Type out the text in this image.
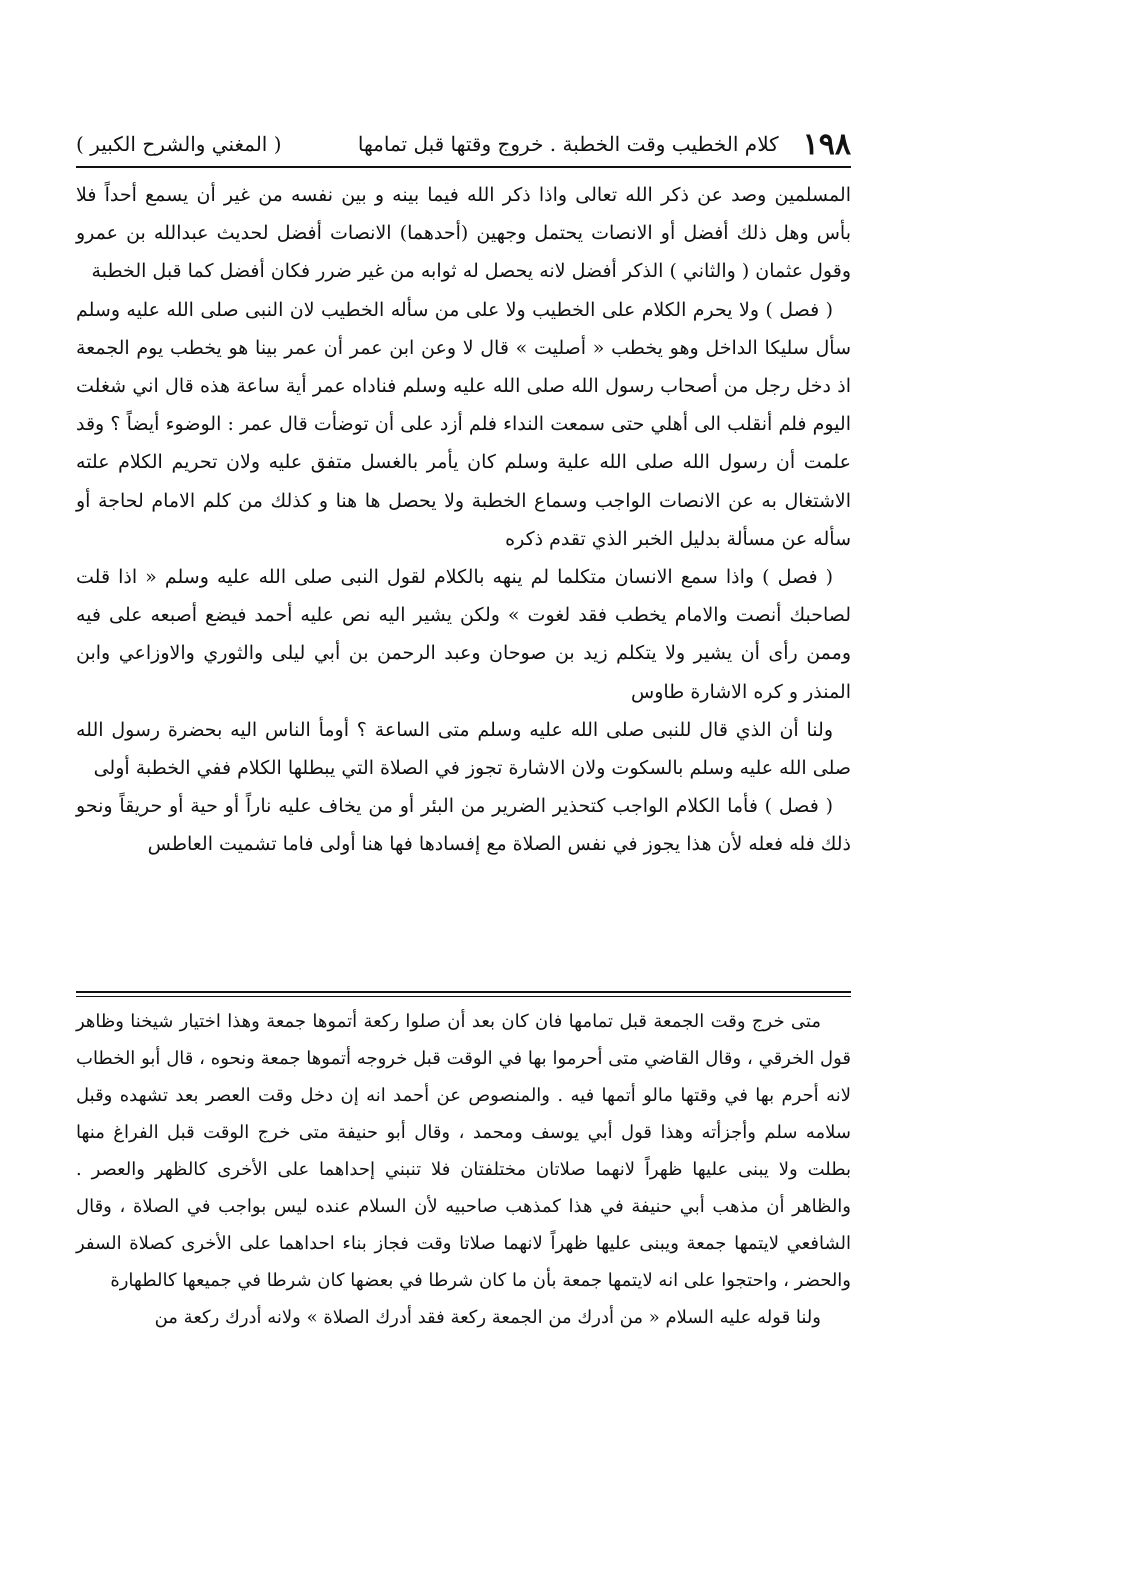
١٩٨
كلام الخطيب وقت الخطبة . خروج وقتها قبل تمامها
( المغني والشرح الكبير )

المسلمين وصد عن ذكر الله تعالى واذا ذكر الله فيما بينه و بين نفسه من غير أن يسمع أحداً فلا بأس وهل ذلك أفضل أو الانصات يحتمل وجهين (أحدهما) الانصات أفضل لحديث عبدالله بن عمرو وقول عثمان ( والثاني ) الذكر أفضل لانه يحصل له ثوابه من غير ضرر فكان أفضل كما قبل الخطبة

( فصل ) ولا يحرم الكلام على الخطيب ولا على من سأله الخطيب لان النبى صلى الله عليه وسلم سأل سليكا الداخل وهو يخطب « أصليت » قال لا وعن ابن عمر أن عمر بينا هو يخطب يوم الجمعة اذ دخل رجل من أصحاب رسول الله صلى الله عليه وسلم فناداه عمر أية ساعة هذه قال اني شغلت اليوم فلم أنقلب الى أهلي حتى سمعت النداء فلم أزد على أن توضأت قال عمر : الوضوء أيضاً ؟ وقد علمت أن رسول الله صلى الله علية وسلم كان يأمر بالغسل متفق عليه ولان تحريم الكلام علته الاشتغال به عن الانصات الواجب وسماع الخطبة ولا يحصل ها هنا و كذلك من كلم الامام لحاجة أو سأله عن مسألة بدليل الخبر الذي تقدم ذكره

( فصل ) واذا سمع الانسان متكلما لم ينهه بالكلام لقول النبى صلى الله عليه وسلم « اذا قلت لصاحبك أنصت والامام يخطب فقد لغوت » ولكن يشير اليه نص عليه أحمد فيضع أصبعه على فيه وممن رأى أن يشير ولا يتكلم زيد بن صوحان وعبد الرحمن بن أبي ليلى والثوري والاوزاعي وابن المنذر و كره الاشارة طاوس

ولنا أن الذي قال للنبى صلى الله عليه وسلم متى الساعة ؟ أومأ الناس اليه بحضرة رسول الله صلى الله عليه وسلم بالسكوت ولان الاشارة تجوز في الصلاة التي يبطلها الكلام ففي الخطبة أولى

( فصل ) فأما الكلام الواجب كتحذير الضرير من البئر أو من يخاف عليه ناراً أو حية أو حريقاً ونحو ذلك فله فعله لأن هذا يجوز في نفس الصلاة مع إفسادها فها هنا أولى فاما تشميت العاطس

متى خرج وقت الجمعة قبل تمامها فان كان بعد أن صلوا ركعة أتموها جمعة وهذا اختيار شيخنا وظاهر قول الخرقي ، وقال القاضي متى أحرموا بها في الوقت قبل خروجه أتموها جمعة ونحوه ، قال أبو الخطاب لانه أحرم بها في وقتها مالو أتمها فيه . والمنصوص عن أحمد انه إن دخل وقت العصر بعد تشهده وقبل سلامه سلم وأجزأته وهذا قول أبي يوسف ومحمد ، وقال أبو حنيفة متى خرج الوقت قبل الفراغ منها بطلت ولا يبنى عليها ظهراً لانهما صلاتان مختلفتان فلا تنبني إحداهما على الأخرى كالظهر والعصر . والظاهر أن مذهب أبي حنيفة في هذا كمذهب صاحبيه لأن السلام عنده ليس بواجب في الصلاة ، وقال الشافعي لايتمها جمعة ويبنى عليها ظهراً لانهما صلاتا وقت فجاز بناء احداهما على الأخرى كصلاة السفر والحضر ، واحتجوا على انه لايتمها جمعة بأن ما كان شرطا في بعضها كان شرطا في جميعها كالطهارة

ولنا قوله عليه السلام « من أدرك من الجمعة ركعة فقد أدرك الصلاة » ولانه أدرك ركعة من
